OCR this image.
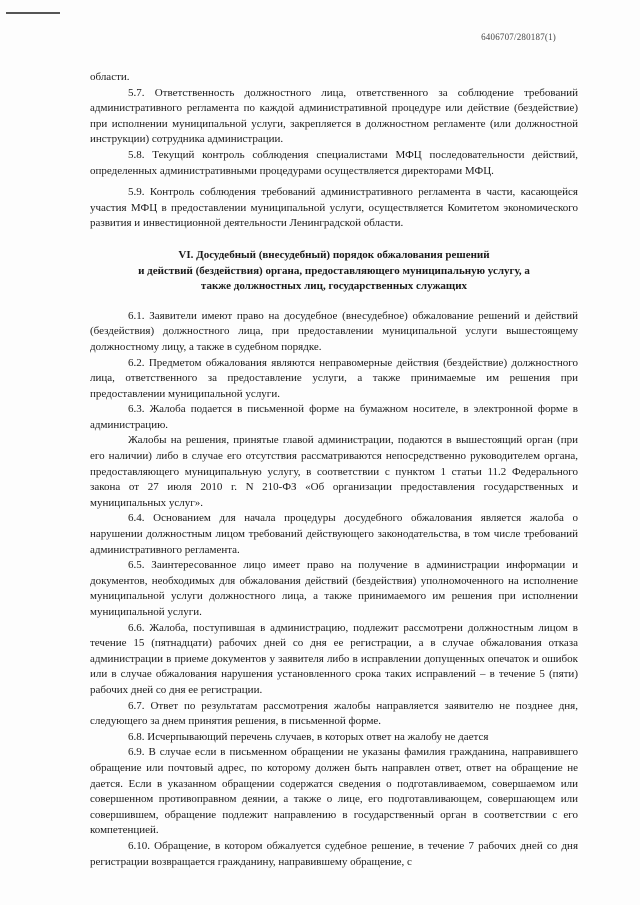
6406707/280187(1)

области.

5.7. Ответственность должностного лица, ответственного за соблюдение требований административного регламента по каждой административной процедуре или действие (бездействие) при исполнении муниципальной услуги, закрепляется в должностном регламенте (или должностной инструкции) сотрудника администрации.

5.8. Текущий контроль соблюдения специалистами МФЦ последовательности действий, определенных административными процедурами осуществляется директорами МФЦ.

5.9. Контроль соблюдения требований административного регламента в части, касающейся участия МФЦ в предоставлении муниципальной услуги, осуществляется Комитетом экономического развития и инвестиционной деятельности Ленинградской области.

VI. Досудебный (внесудебный) порядок обжалования решений
и действий (бездействия) органа, предоставляющего муниципальную услугу, а
также должностных лиц, государственных служащих

6.1. Заявители имеют право на досудебное (внесудебное) обжалование решений и действий (бездействия) должностного лица, при предоставлении муниципальной услуги вышестоящему должностному лицу, а также в судебном порядке.

6.2. Предметом обжалования являются неправомерные действия (бездействие) должностного лица, ответственного за предоставление услуги, а также принимаемые им решения при предоставлении муниципальной услуги.

6.3. Жалоба подается в письменной форме на бумажном носителе, в электронной форме в администрацию.

Жалобы на решения, принятые главой администрации, подаются в вышестоящий орган (при его наличии) либо в случае его отсутствия рассматриваются непосредственно руководителем органа, предоставляющего муниципальную услугу, в соответствии с пунктом 1 статьи 11.2 Федерального закона от 27 июля 2010 г. N 210-ФЗ «Об организации предоставления государственных и муниципальных услуг».

6.4. Основанием для начала процедуры досудебного обжалования является жалоба о нарушении должностным лицом требований действующего законодательства, в том числе требований административного регламента.

6.5. Заинтересованное лицо имеет право на получение в администрации информации и документов, необходимых для обжалования действий (бездействия) уполномоченного на исполнение муниципальной услуги должностного лица, а также принимаемого им решения при исполнении муниципальной услуги.

6.6. Жалоба, поступившая в администрацию, подлежит рассмотрени должностным лицом в течение 15 (пятнадцати) рабочих дней со дня ее регистрации, а в случае обжалования отказа администрации в приеме документов у заявителя либо в исправлении допущенных опечаток и ошибок или в случае обжалования нарушения установленного срока таких исправлений – в течение 5 (пяти) рабочих дней со дня ее регистрации.

6.7. Ответ по результатам рассмотрения жалобы направляется заявителю не позднее дня, следующего за днем принятия решения, в письменной форме.

6.8. Исчерпывающий перечень случаев, в которых ответ на жалобу не дается

6.9. В случае если в письменном обращении не указаны фамилия гражданина, направившего обращение или почтовый адрес, по которому должен быть направлен ответ, ответ на обращение не дается. Если в указанном обращении содержатся сведения о подготавливаемом, совершаемом или совершенном противоправном деянии, а также о лице, его подготавливающем, совершающем или совершившем, обращение подлежит направлению в государственный орган в соответствии с его компетенцией.

6.10. Обращение, в котором обжалуется судебное решение, в течение 7 рабочих дней со дня регистрации возвращается гражданину, направившему обращение, с
